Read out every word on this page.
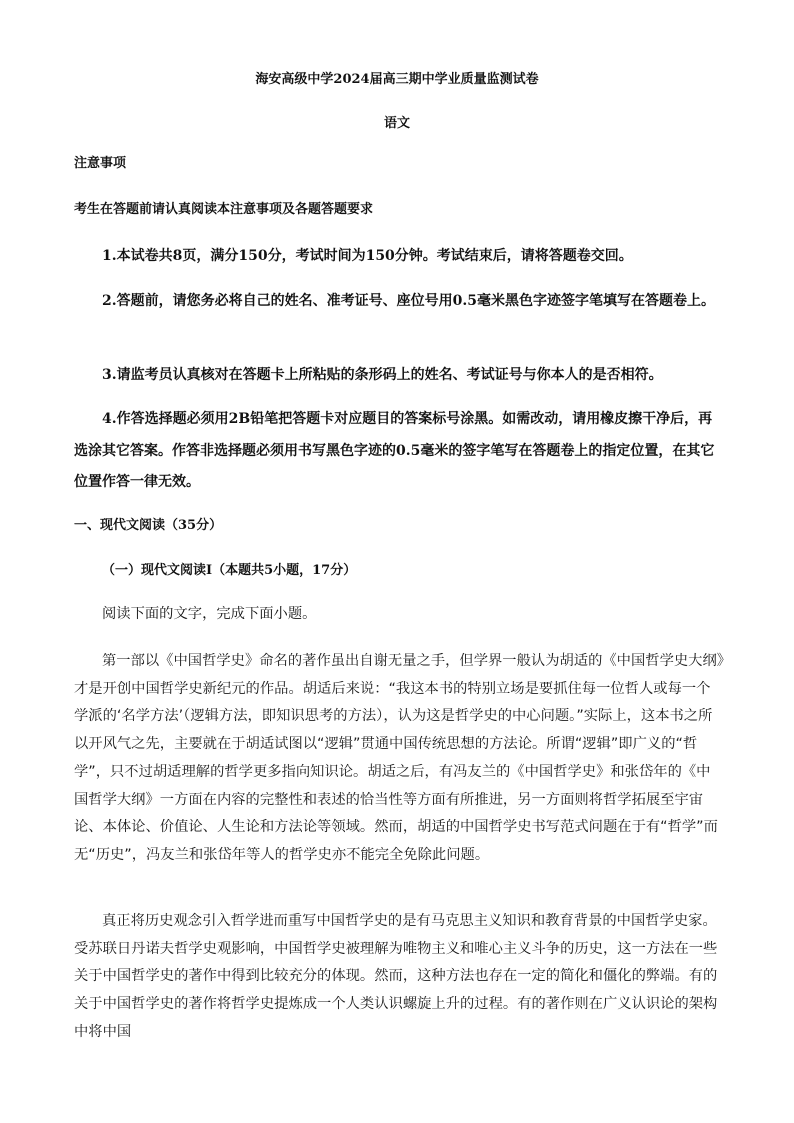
海安高级中学2024届高三期中学业质量监测试卷
语文
注意事项
考生在答题前请认真阅读本注意事项及各题答题要求

1.本试卷共8页，满分150分，考试时间为150分钟。考试结束后，请将答题卷交回。

2.答题前，请您务必将自己的姓名、准考证号、座位号用0.5毫米黑色字迹签字笔填写在答题卷上。

3.请监考员认真核对在答题卡上所粘贴的条形码上的姓名、考试证号与你本人的是否相符。

4.作答选择题必须用2B铅笔把答题卡对应题目的答案标号涂黑。如需改动，请用橡皮擦干净后，再选涂其它答案。作答非选择题必须用书写黑色字迹的0.5毫米的签字笔写在答题卷上的指定位置，在其它位置作答一律无效。

一、现代文阅读（35分）
（一）现代文阅读Ⅰ（本题共5小题，17分）
阅读下面的文字，完成下面小题。

第一部以《中国哲学史》命名的著作虽出自谢无量之手，但学界一般认为胡适的《中国哲学史大纲》才是开创中国哲学史新纪元的作品。胡适后来说：“我这本书的特别立场是要抓住每一位哲人或每一个学派的‘名学方法’（逻辑方法，即知识思考的方法），认为这是哲学史的中心问题。”实际上，这本书之所以开风气之先，主要就在于胡适试图以“逻辑”贯通中国传统思想的方法论。所谓“逻辑”即广义的“哲学”，只不过胡适理解的哲学更多指向知识论。胡适之后，有冯友兰的《中国哲学史》和张岱年的《中国哲学大纲》一方面在内容的完整性和表述的恰当性等方面有所推进，另一方面则将哲学拓展至宇宙论、本体论、价值论、人生论和方法论等领域。然而，胡适的中国哲学史书写范式问题在于有“哲学”而无“历史”，冯友兰和张岱年等人的哲学史亦不能完全免除此问题。

真正将历史观念引入哲学进而重写中国哲学史的是有马克思主义知识和教育背景的中国哲学史家。受苏联日丹诺夫哲学史观影响，中国哲学史被理解为唯物主义和唯心主义斗争的历史，这一方法在一些关于中国哲学史的著作中得到比较充分的体现。然而，这种方法也存在一定的简化和僵化的弊端。有的关于中国哲学史的著作将哲学史提炼成一个人类认识螺旋上升的过程。有的著作则在广义认识论的架构中将中国
